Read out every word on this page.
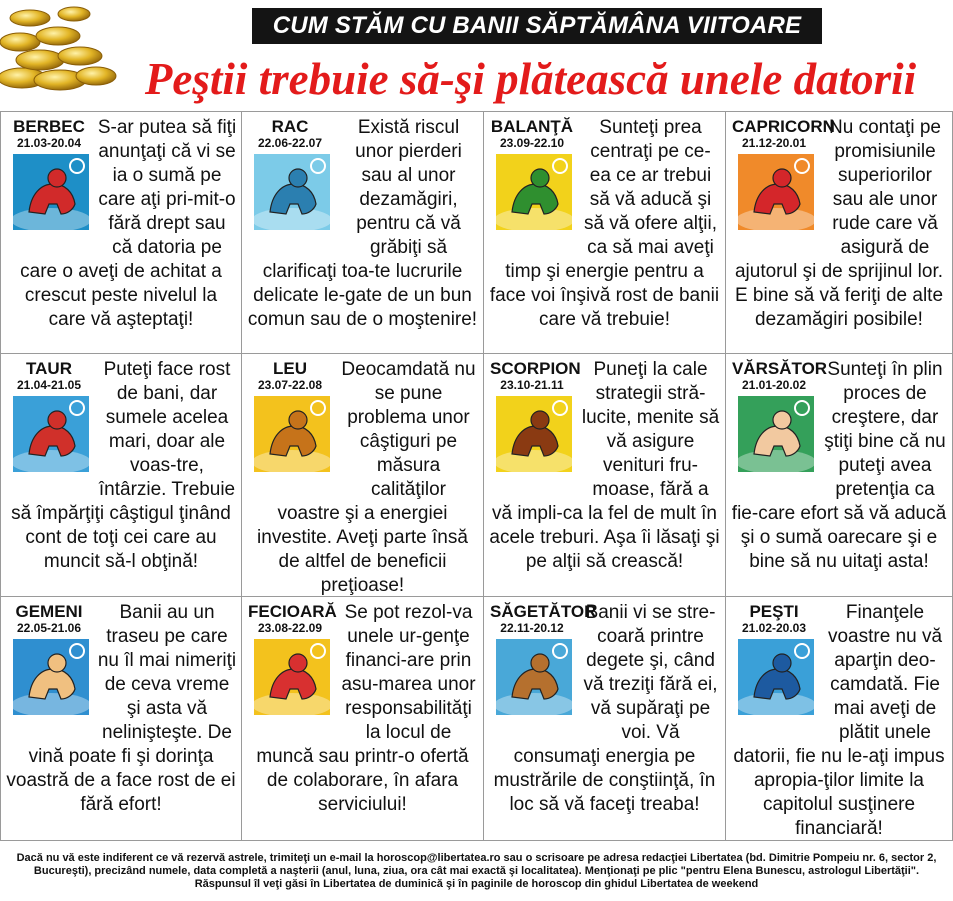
CUM STĂM CU BANII SĂPTĂMÂNA VIITOARE
Peştii trebuie să-şi plătească unele datorii
BERBEC
21.03-20.04
S-ar putea să fiţi anunţaţi că vi se ia o sumă pe care aţi pri-mit-o fără drept sau că datoria pe care o aveţi de achitat a crescut peste nivelul la care vă aşteptaţi!
RAC
22.06-22.07
Există riscul unor pierderi sau al unor dezamăgiri, pentru că vă grăbiţi să clarificaţi toa-te lucrurile delicate le-gate de un bun comun sau de o moştenire!
BALANŢĂ
23.09-22.10
Sunteţi prea centraţi pe ce-ea ce ar trebui să vă aducă şi să vă ofere alţii, ca să mai aveţi timp şi energie pentru a face voi înşivă rost de banii care vă trebuie!
CAPRICORN
21.12-20.01
Nu contaţi pe promisiunile superiorilor sau ale unor rude care vă asigură de ajutorul şi de sprijinul lor. E bine să vă feriţi de alte dezamăgiri posibile!
TAUR
21.04-21.05
Puteţi face rost de bani, dar sumele acelea mari, doar ale voas-tre, întârzie. Trebuie să împărţiţi câştigul ţinând cont de toţi cei care au muncit să-l obţină!
LEU
23.07-22.08
Deocamdată nu se pune problema unor câştiguri pe măsura calităţilor voastre şi a energiei investite. Aveţi parte însă de altfel de beneficii preţioase!
SCORPION
23.10-21.11
Puneţi la cale strategii stră-lucite, menite să vă asigure venituri fru-moase, fără a vă impli-ca la fel de mult în acele treburi. Aşa îi lăsaţi şi pe alţii să crească!
VĂRSĂTOR
21.01-20.02
Sunteţi în plin proces de creştere, dar ştiţi bine că nu puteţi avea pretenţia ca fie-care efort să vă aducă şi o sumă oarecare şi e bine să nu uitaţi asta!
GEMENI
22.05-21.06
Banii au un traseu pe care nu îl mai nimeriţi de ceva vreme şi asta vă nelinişteşte. De vină poate fi şi dorinţa voastră de a face rost de ei fără efort!
FECIOARĂ
23.08-22.09
Se pot rezol-va unele ur-genţe financi-are prin asu-marea unor responsabilităţi la locul de muncă sau printr-o ofertă de colaborare, în afara serviciului!
SĂGETĂTOR
22.11-20.12
Banii vi se stre-coară printre degete şi, când vă treziţi fără ei, vă supăraţi pe voi. Vă consumaţi energia pe mustrările de conştiinţă, în loc să vă faceţi treaba!
PEŞTI
21.02-20.03
Finanţele voastre nu vă aparţin deo-camdată. Fie mai aveţi de plătit unele datorii, fie nu le-aţi impus apropia-ţilor limite la capitolul susţinere financiară!
Dacă nu vă este indiferent ce vă rezervă astrele, trimiteţi un e-mail la horoscop@libertatea.ro sau o scrisoare pe adresa redacţiei Libertatea (bd. Dimitrie Pompeiu nr. 6, sector 2, Bucureşti), precizând numele, data completă a naşterii (anul, luna, ziua, ora cât mai exactă şi localitatea). Menţionaţi pe plic "pentru Elena Bunescu, astrologul Libertăţii". Răspunsul îl veţi găsi în Libertatea de duminică şi în paginile de horoscop din ghidul Libertatea de weekend
